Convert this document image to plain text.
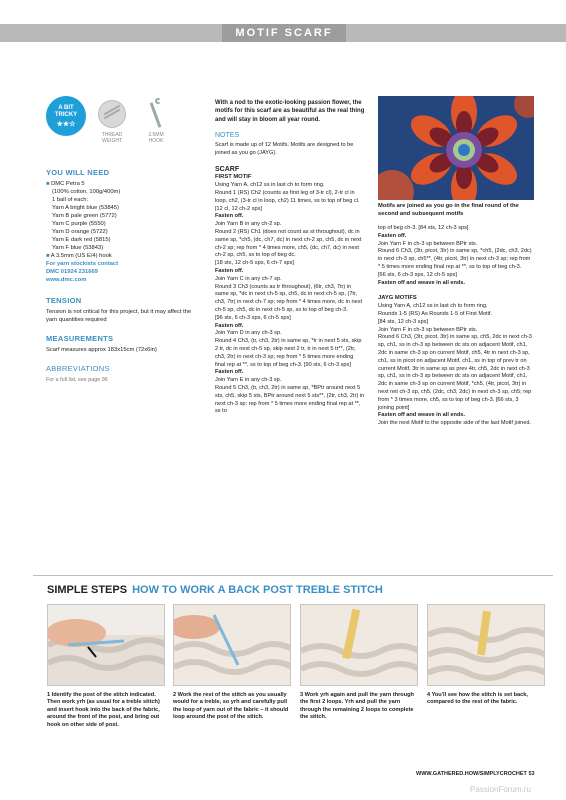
MOTIF SCARF
A BIT
TRICKY
★★☆
THREAD
WEIGHT
3.5MM
HOOK
YOU WILL NEED
■ DMC Petra 5
(100% cotton, 100g/400m)
1 ball of each:
Yarn A bright blue (53845)
Yarn B pale green (5772)
Yarn C purple (5550)
Yarn D orange (5722)
Yarn E dark red (5815)
Yarn F blue (53843)
■ A 3.5mm (US E/4) hook
For yarn stockists contact
DMC 01924 231669
www.dmc.com
TENSION
Tension is not critical for this project, but it may affect the yarn quantities required
MEASUREMENTS
Scarf measures approx 183x15cm (72x6in)
ABBREVIATIONS
For a full list, see page 96

With a nod to the exotic-looking passion flower, the motifs for this scarf are as beautiful as the real thing and will stay in bloom all year round.

NOTES

Scarf is made up of 12 Motifs. Motifs are designed to be joined as you go (JAYG).

SCARF
FIRST MOTIF

Using Yarn A, ch12 ss in last ch to form ring.

Round 1 (RS) Ch2 (counts as first leg of 3-tr cl), 2-tr cl in loop, ch2, (3-tr cl in loop, ch2) 11 times, ss to top of beg cl. [12 cl, 12 ch-2 sps]

Fasten off.

Join Yarn B in any ch-2 sp.

Round 2 (RS) Ch1 (does not count as st throughout), dc in same sp, *ch5, (dc, ch7, dc) in next ch-2 sp, ch5, dc in next ch-2 sp; rep from * 4 times more, ch5, (dc, ch7, dc) in next ch-2 sp, ch5, ss to top of beg dc.

[18 sts, 12 ch-5 sps, 6 ch-7 sps]

Fasten off.

Join Yarn C in any ch-7 sp.

Round 3 Ch3 (counts as tr throughout), (6tr, ch3, 7tr) in same sp, *dc in next ch-5 sp, ch5, dc in next ch-5 sp, (7tr, ch3, 7tr) in next ch-7 sp; rep from * 4 times more, dc in next ch-5 sp, ch5, dc in next ch-5 sp, ss to top of beg ch-3.

[96 sts, 6 ch-3 sps, 6 ch-5 sps]

Fasten off.

Join Yarn D in any ch-3 sp.

Round 4 Ch3, (tr, ch3, 2tr) in same sp, *tr in next 5 sts, skip 2 tr, dc in next ch-5 sp, skip next 2 tr, tr in next 5 tr**, (2tr, ch3, 2tr) in next ch-3 sp; rep from * 5 times more ending final rep at **, ss to top of beg ch-3. [90 sts, 6 ch-3 sps]

Fasten off.

Join Yarn E in any ch-3 sp.

Round 5 Ch3, (tr, ch3, 2tr) in same sp, *BPtr around next 5 sts, ch5, skip 5 sts, BPtr around next 5 sts**, (2tr, ch3, 2tr) in next ch-3 sp; rep from * 5 times more ending final rep at **, ss to

Motifs are joined as you go in the final round of the second and subsequent motifs

top of beg ch-3. [84 sts, 12 ch-3 sps]

Fasten off.

Join Yarn F in ch-3 sp between BPtr sts.

Round 6 Ch3, (3tr, picot, 3tr) in same sp, *ch5, (2dc, ch3, 2dc) in next ch-3 sp, ch5**, (4tr, picot, 3tr) in next ch-3 sp; rep from * 5 times more ending final rep at **, ss to top of beg ch-3.

[66 sts, 6 ch-3 sps, 12 ch-5 sps]

Fasten off and weave in all ends.

JAYG MOTIFS

Using Yarn A, ch12 ss in last ch to form ring.

Rounds 1-5 (RS) As Rounds 1-5 of First Motif.

[84 sts, 12 ch-3 sps]

Join Yarn F in ch-3 sp between BPtr sts.

Round 6 Ch3, (3tr, picot, 3tr) in same sp, ch5, 2dc in next ch-3 sp, ch1, ss in ch-3 sp between dc sts on adjacent Motif, ch1, 2dc in same ch-3 sp on current Motif, ch5, 4tr in next ch-3 sp, ch1, ss in picot on adjacent Motif, ch1, ss in top of prev tr on current Motif, 3tr in same sp as prev 4tr, ch5, 2dc in next ch-3 sp, ch1, ss in ch-3 sp between dc sts on adjacent Motif, ch1, 2dc in same ch-3 sp on current Motif, *ch5, (4tr, picot, 3tr) in next net ch-3 sp, ch5, (2dc, ch3, 2dc) in next ch-3 sp, ch5; rep from * 3 times more, ch5, ss to top of beg ch-3. [66 sts, 3 joining point]

Fasten off and weave in all ends.

Join the next Motif to the opposite side of the last Motif joined.

SIMPLE STEPS HOW TO WORK A BACK POST TREBLE STITCH
1 Identify the post of the stitch indicated. Then work yrh (as usual for a treble stitch) and insert hook into the back of the fabric, around the front of the post, and bring out hook on other side of post.
2 Work the rest of the stitch as you usually would for a treble, so yrh and carefully pull the loop of yarn out of the fabric – it should loop around the post of the stitch.
3 Work yrh again and pull the yarn through the first 2 loops. Yrh and pull the yarn through the remaining 2 loops to complete the stitch.
4 You'll see how the stitch is set back, compared to the rest of the fabric.
WWW.GATHERED.HOW/SIMPLYCROCHET 53
PassionForum.ru
